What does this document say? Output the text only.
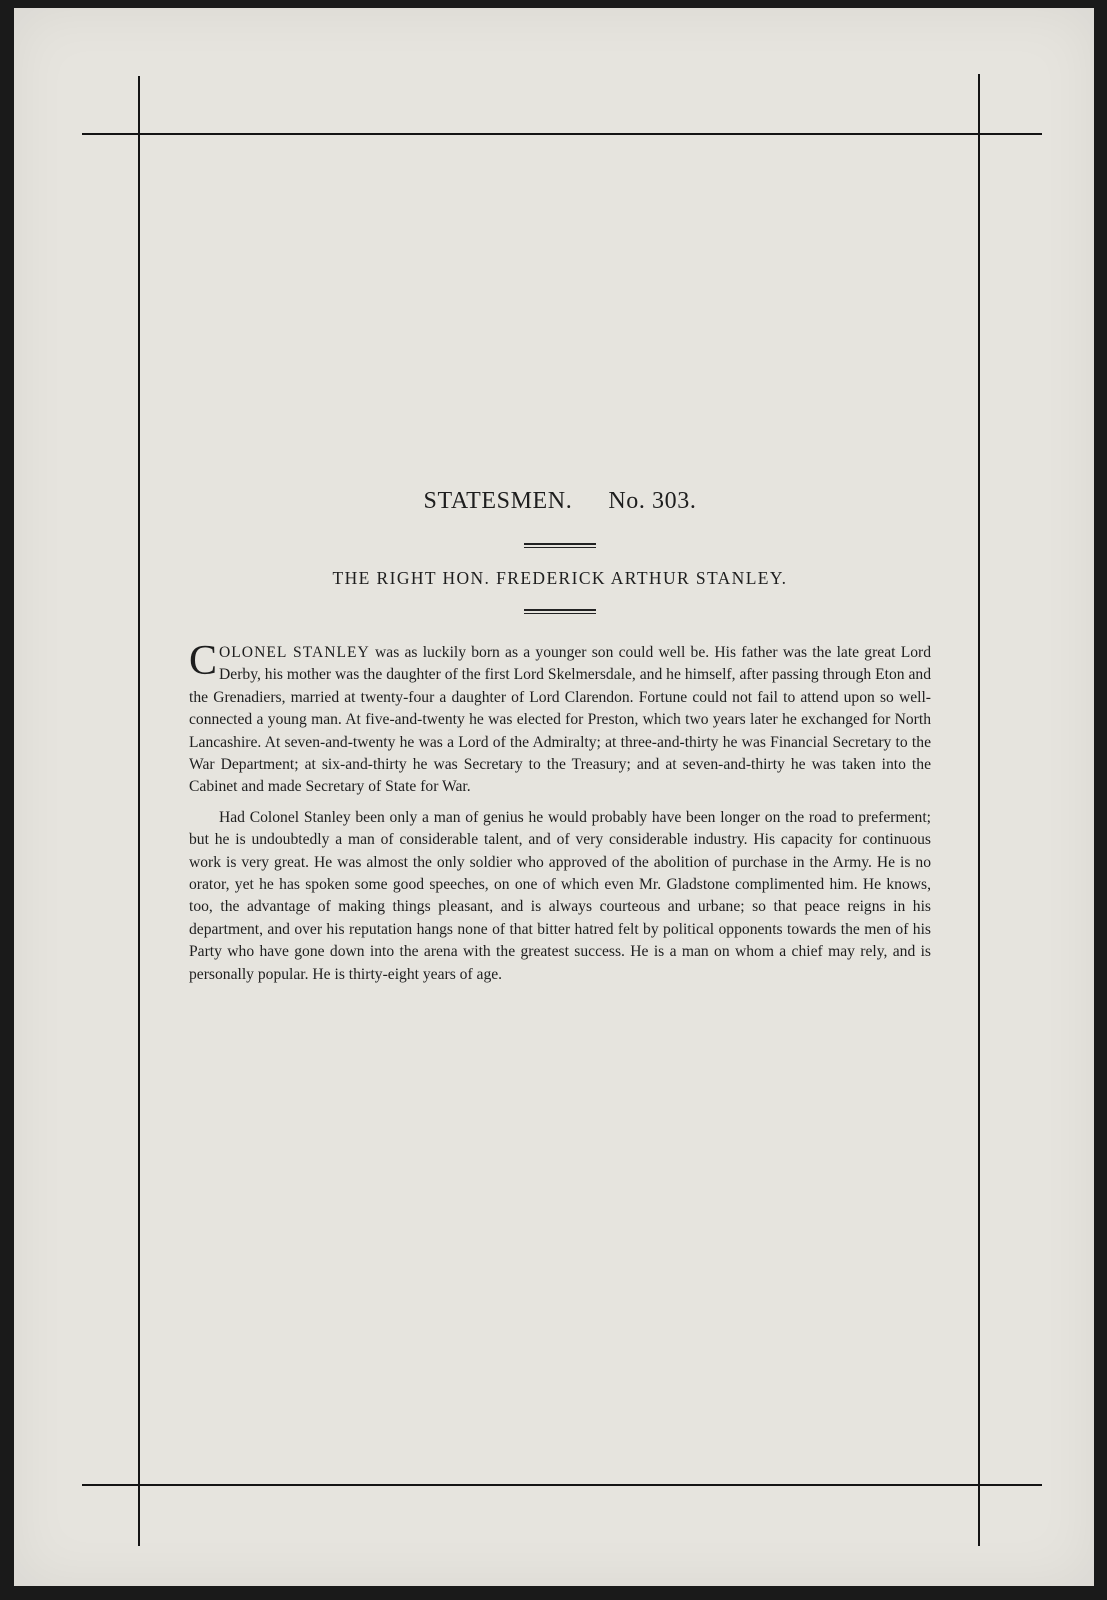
STATESMEN. No. 303.
THE RIGHT HON. FREDERICK ARTHUR STANLEY.

COLONEL STANLEY was as luckily born as a younger son could well be. His father was the late great Lord Derby, his mother was the daughter of the first Lord Skelmersdale, and he himself, after passing through Eton and the Grenadiers, married at twenty-four a daughter of Lord Clarendon. Fortune could not fail to attend upon so well-connected a young man. At five-and-twenty he was elected for Preston, which two years later he exchanged for North Lancashire. At seven-and-twenty he was a Lord of the Admiralty; at three-and-thirty he was Financial Secretary to the War Department; at six-and-thirty he was Secretary to the Treasury; and at seven-and-thirty he was taken into the Cabinet and made Secretary of State for War.

Had Colonel Stanley been only a man of genius he would probably have been longer on the road to preferment; but he is undoubtedly a man of considerable talent, and of very considerable industry. His capacity for continuous work is very great. He was almost the only soldier who approved of the abolition of purchase in the Army. He is no orator, yet he has spoken some good speeches, on one of which even Mr. Gladstone complimented him. He knows, too, the advantage of making things pleasant, and is always courteous and urbane; so that peace reigns in his department, and over his reputation hangs none of that bitter hatred felt by political opponents towards the men of his Party who have gone down into the arena with the greatest success. He is a man on whom a chief may rely, and is personally popular. He is thirty-eight years of age.
